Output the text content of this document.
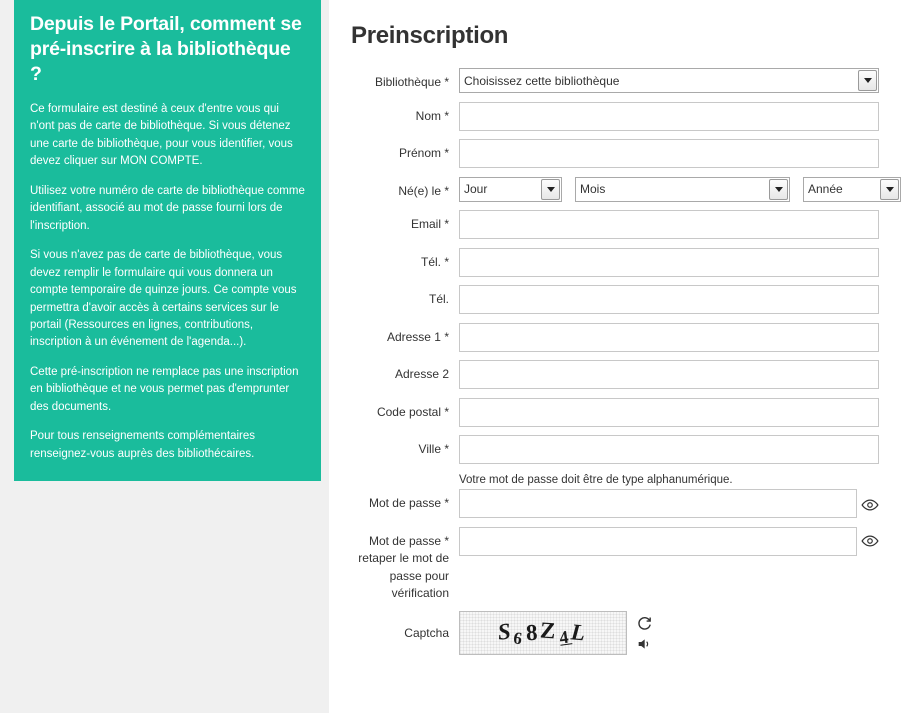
Depuis le Portail, comment se pré-inscrire à la bibliothèque ?

Ce formulaire est destiné à ceux d'entre vous qui n'ont pas de carte de bibliothèque. Si vous détenez une carte de bibliothèque, pour vous identifier, vous devez cliquer sur MON COMPTE.

Utilisez votre numéro de carte de bibliothèque comme identifiant, associé au mot de passe fourni lors de l'inscription.

Si vous n'avez pas de carte de bibliothèque, vous devez remplir le formulaire qui vous donnera un compte temporaire de quinze jours. Ce compte vous permettra d'avoir accès à certains services sur le portail (Ressources en lignes, contributions, inscription à un événement de l'agenda...).

Cette pré-inscription ne remplace pas une inscription en bibliothèque et ne vous permet pas d'emprunter des documents.

Pour tous renseignements complémentaires renseignez-vous auprès des bibliothécaires.

Preinscription
Bibliothèque *
Choisissez cette bibliothèque
Nom *
Prénom *
Né(e) le *
Jour
Mois
Année
Email *
Tél. *
Tél.
Adresse 1 *
Adresse 2
Code postal *
Ville *
Mot de passe *
Votre mot de passe doit être de type alphanumérique.
Mot de passe * retaper le mot de passe pour vérification
Captcha	S68Z4L
